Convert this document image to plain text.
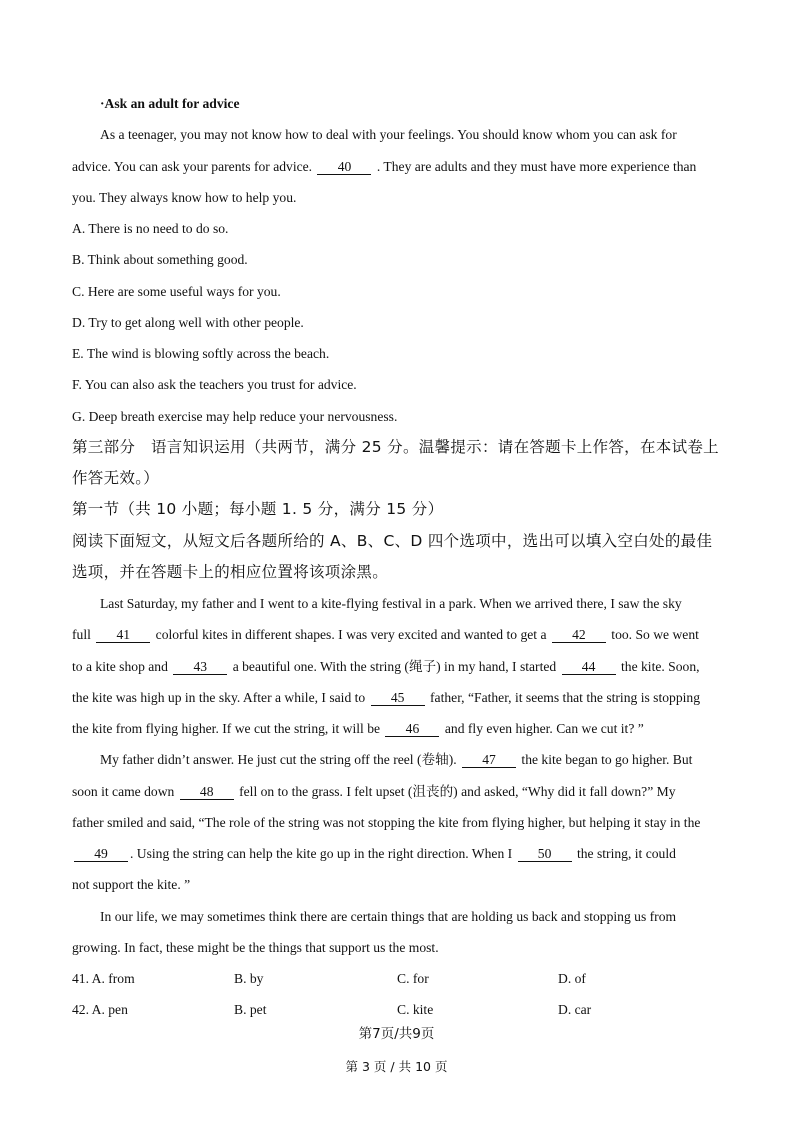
·Ask an adult for advice
As a teenager, you may not know how to deal with your feelings. You should know whom you can ask for
advice. You can ask your parents for advice. 40 . They are adults and they must have more experience than
you. They always know how to help you.
A. There is no need to do so.
B. Think about something good.
C. Here are some useful ways for you.
D. Try to get along well with other people.
E. The wind is blowing softly across the beach.
F. You can also ask the teachers you trust for advice.
G. Deep breath exercise may help reduce your nervousness.
第三部分　语言知识运用（共两节，满分 25 分。温馨提示：请在答题卡上作答，在本试卷上
作答无效。）
第一节（共 10 小题；每小题 1. 5 分，满分 15 分）
阅读下面短文，从短文后各题所给的 A、B、C、D 四个选项中，选出可以填入空白处的最佳
选项，并在答题卡上的相应位置将该项涂黑。
Last Saturday, my father and I went to a kite-flying festival in a park. When we arrived there, I saw the sky
full 41 colorful kites in different shapes. I was very excited and wanted to get a 42 too. So we went
to a kite shop and 43 a beautiful one. With the string (绳子) in my hand, I started 44 the kite. Soon,
the kite was high up in the sky. After a while, I said to 45 father, “Father, it seems that the string is stopping
the kite from flying higher. If we cut the string, it will be 46 and fly even higher. Can we cut it? ”
My father didn’t answer. He just cut the string off the reel (卷轴). 47 the kite began to go higher. But
soon it came down 48 fell on to the grass. I felt upset (沮丧的) and asked, “Why did it fall down?” My
father smiled and said, “The role of the string was not stopping the kite from flying higher, but helping it stay in the
49 . Using the string can help the kite go up in the right direction. When I 50 the string, it could
not support the kite. ”
In our life, we may sometimes think there are certain things that are holding us back and stopping us from
growing. In fact, these might be the things that support us the most.
41. A. from	B. by	C. for	D. of
42. A. pen	B. pet	C. kite	D. car
第7页/共9页
第 3 页 / 共 10 页
